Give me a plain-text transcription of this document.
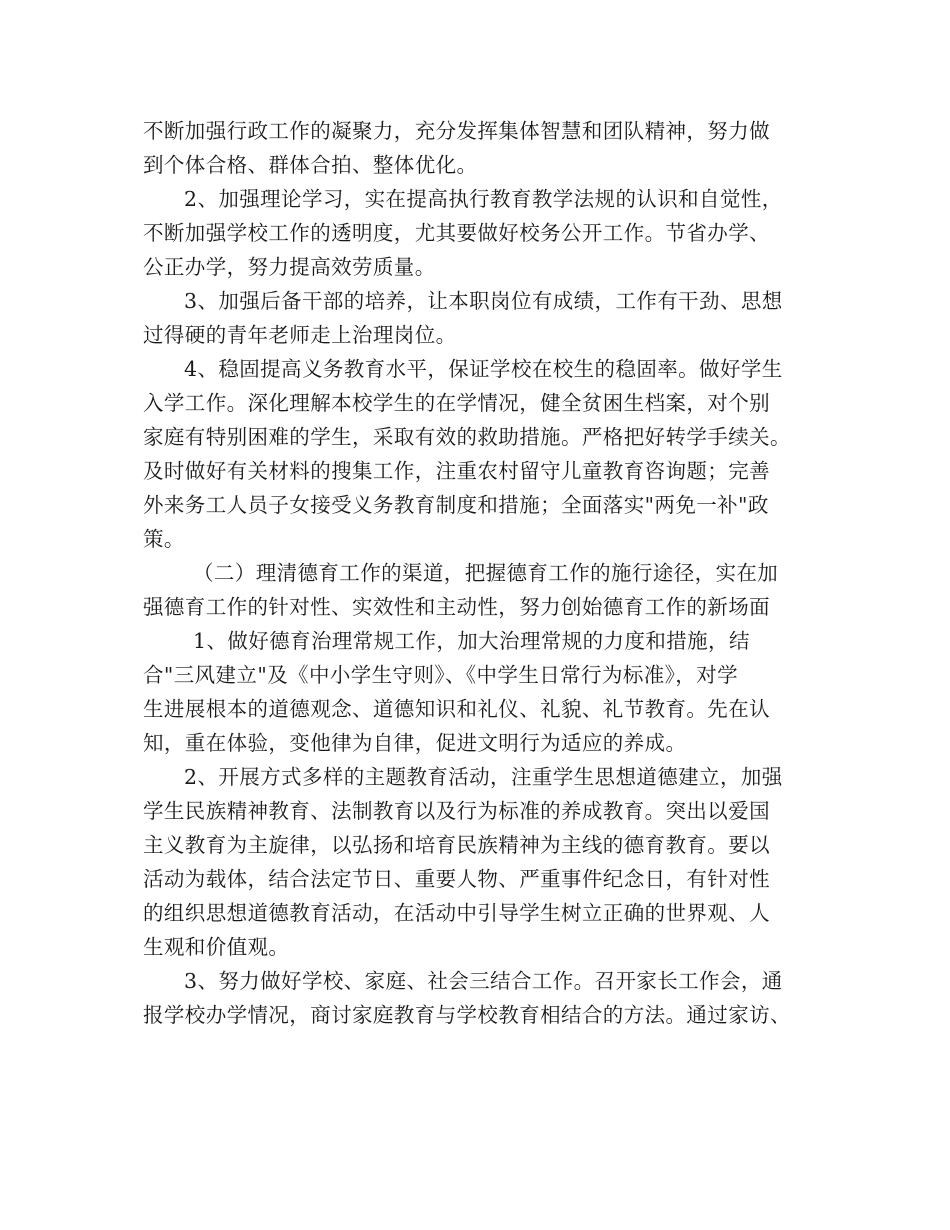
不断加强行政工作的凝聚力，充分发挥集体智慧和团队精神，努力做
到个体合格、群体合拍、整体优化。
2、加强理论学习，实在提高执行教育教学法规的认识和自觉性，
不断加强学校工作的透明度，尤其要做好校务公开工作。节省办学、
公正办学，努力提高效劳质量。
3、加强后备干部的培养，让本职岗位有成绩，工作有干劲、思想
过得硬的青年老师走上治理岗位。
4、稳固提高义务教育水平，保证学校在校生的稳固率。做好学生
入学工作。深化理解本校学生的在学情况，健全贫困生档案，对个别
家庭有特别困难的学生，采取有效的救助措施。严格把好转学手续关。
及时做好有关材料的搜集工作，注重农村留守儿童教育咨询题；完善
外来务工人员子女接受义务教育制度和措施；全面落实"两免一补"政
策。
（二）理清德育工作的渠道，把握德育工作的施行途径，实在加
强德育工作的针对性、实效性和主动性，努力创始德育工作的新场面
1、做好德育治理常规工作，加大治理常规的力度和措施，结
合"三风建立"及《中小学生守则》、《中学生日常行为标准》，对学
生进展根本的道德观念、道德知识和礼仪、礼貌、礼节教育。先在认
知，重在体验，变他律为自律，促进文明行为适应的养成。
2、开展方式多样的主题教育活动，注重学生思想道德建立，加强
学生民族精神教育、法制教育以及行为标准的养成教育。突出以爱国
主义教育为主旋律，以弘扬和培育民族精神为主线的德育教育。要以
活动为载体，结合法定节日、重要人物、严重事件纪念日，有针对性
的组织思想道德教育活动，在活动中引导学生树立正确的世界观、人
生观和价值观。
3、努力做好学校、家庭、社会三结合工作。召开家长工作会，通
报学校办学情况，商讨家庭教育与学校教育相结合的方法。通过家访、
